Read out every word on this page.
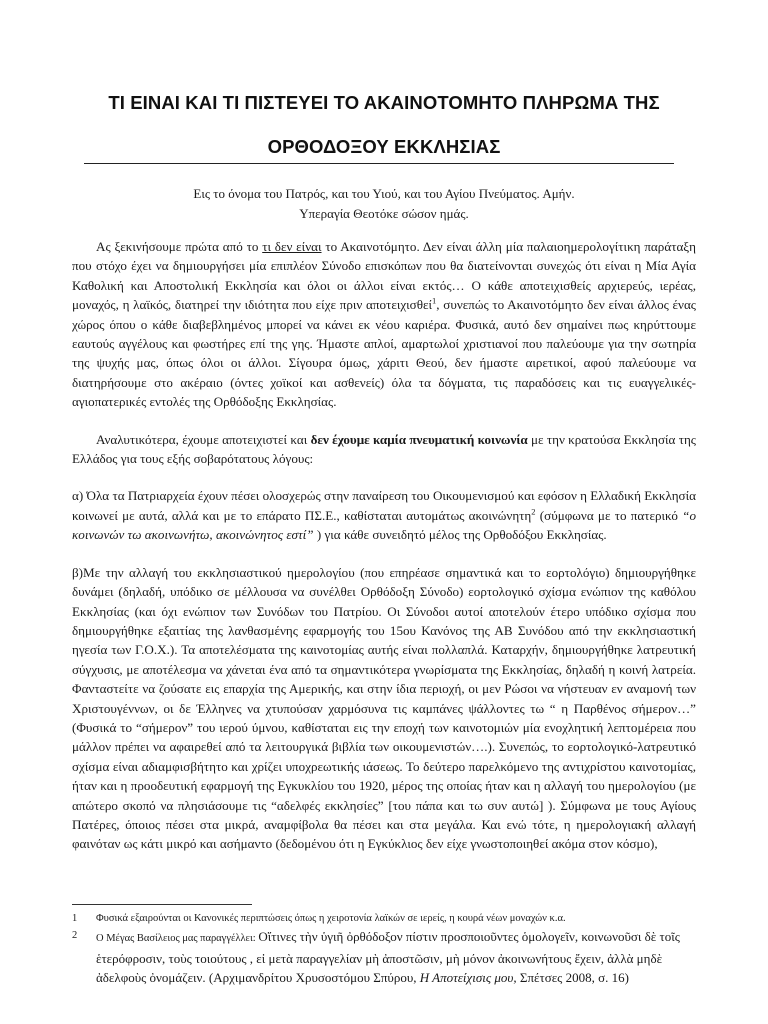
ΤΙ ΕΙΝΑΙ ΚΑΙ ΤΙ ΠΙΣΤΕΥΕΙ ΤΟ ΑΚΑΙΝΟΤΟΜΗΤΟ ΠΛΗΡΩΜΑ ΤΗΣ
ΟΡΘΟΔΟΞΟΥ ΕΚΚΛΗΣΙΑΣ
Εις το όνομα του Πατρός, και του Υιού, και του Αγίου Πνεύματος. Αμήν.
Υπεραγία Θεοτόκε σώσον ημάς.

Ας ξεκινήσουμε πρώτα από το τι δεν είναι το Ακαινοτόμητο. Δεν είναι άλλη μία παλαιοημερολογίτικη παράταξη που στόχο έχει να δημιουργήσει μία επιπλέον Σύνοδο επισκόπων που θα διατείνονται συνεχώς ότι είναι η Μία Αγία Καθολική και Αποστολική Εκκλησία και όλοι οι άλλοι είναι εκτός… Ο κάθε αποτειχισθείς αρχιερεύς, ιερέας, μοναχός, η λαϊκός, διατηρεί την ιδιότητα που είχε πριν αποτειχισθεί$^1$, συνεπώς το Ακαινοτόμητο δεν είναι άλλος ένας χώρος όπου ο κάθε διαβεβλημένος μπορεί να κάνει εκ νέου καριέρα. Φυσικά, αυτό δεν σημαίνει πως κηρύττουμε εαυτούς αγγέλους και φωστήρες επί της γης. Ήμαστε απλοί, αμαρτωλοί χριστιανοί που παλεύουμε για την σωτηρία της ψυχής μας, όπως όλοι οι άλλοι. Σίγουρα όμως, χάριτι Θεού, δεν ήμαστε αιρετικοί, αφού παλεύουμε να διατηρήσουμε στο ακέραιο (όντες χοϊκοί και ασθενείς) όλα τα δόγματα, τις παραδόσεις και τις ευαγγελικές- αγιοπατερικές εντολές της Ορθόδοξης Εκκλησίας.

Αναλυτικότερα, έχουμε αποτειχιστεί και δεν έχουμε καμία πνευματική κοινωνία με την κρατούσα Εκκλησία της Ελλάδος για τους εξής σοβαρότατους λόγους:

α) Όλα τα Πατριαρχεία έχουν πέσει ολοσχερώς στην παναίρεση του Οικουμενισμού και εφόσον η Ελλαδική Εκκλησία κοινωνεί με αυτά, αλλά και με το επάρατο ΠΣ.Ε., καθίσταται αυτομάτως ακοινώνητη$^2$ (σύμφωνα με το πατερικό “ο κοινωνών τω ακοινωνήτω, ακοινώνητος εστί” ) για κάθε συνειδητό μέλος της Ορθοδόξου Εκκλησίας.

β)Με την αλλαγή του εκκλησιαστικού ημερολογίου (που επηρέασε σημαντικά και το εορτολόγιο) δημιουργήθηκε δυνάμει (δηλαδή, υπόδικο σε μέλλουσα να συνέλθει Ορθόδοξη Σύνοδο) εορτολογικό σχίσμα ενώπιον της καθόλου Εκκλησίας (και όχι ενώπιον των Συνόδων του Πατρίου. Οι Σύνοδοι αυτοί αποτελούν έτερο υπόδικο σχίσμα που δημιουργήθηκε εξαιτίας της λανθασμένης εφαρμογής του 15ου Κανόνος της ΑΒ Συνόδου από την εκκλησιαστική ηγεσία των Γ.Ο.Χ.). Τα αποτελέσματα της καινοτομίας αυτής είναι πολλαπλά. Καταρχήν, δημιουργήθηκε λατρευτική σύγχυσις, με αποτέλεσμα να χάνεται ένα από τα σημαντικότερα γνωρίσματα της Εκκλησίας, δηλαδή η κοινή λατρεία. Φανταστείτε να ζούσατε εις επαρχία της Αμερικής, και στην ίδια περιοχή, οι μεν Ρώσοι να νήστευαν εν αναμονή των Χριστουγέννων, οι δε Έλληνες να χτυπούσαν χαρμόσυνα τις καμπάνες ψάλλοντες τω “ η Παρθένος σήμερον…” (Φυσικά το “σήμερον” του ιερού ύμνου, καθίσταται εις την εποχή των καινοτομιών μία ενοχλητική λεπτομέρεια που μάλλον πρέπει να αφαιρεθεί από τα λειτουργικά βιβλία των οικουμενιστών….). Συνεπώς, το εορτολογικό-λατρευτικό σχίσμα είναι αδιαμφισβήτητο και χρίζει υποχρεωτικής ιάσεως. Το δεύτερο παρελκόμενο της αντιχρίστου καινοτομίας, ήταν και η προοδευτική εφαρμογή της Εγκυκλίου του 1920, μέρος της οποίας ήταν και η αλλαγή του ημερολογίου (με απώτερο σκοπό να πλησιάσουμε τις “αδελφές εκκλησίες” [του πάπα και τω συν αυτώ] ). Σύμφωνα με τους Αγίους Πατέρες, όποιος πέσει στα μικρά, αναμφίβολα θα πέσει και στα μεγάλα. Και ενώ τότε, η ημερολογιακή αλλαγή φαινόταν ως κάτι μικρό και ασήμαντο (δεδομένου ότι η Εγκύκλιος δεν είχε γνωστοποιηθεί ακόμα στον κόσμο),

1	Φυσικά εξαιρούνται οι Κανονικές περιπτώσεις όπως η χειροτονία λαϊκών σε ιερείς, η κουρά νέων μοναχών κ.α.
2	Ο Μέγας Βασίλειος μας παραγγέλλει: Οἵτινες τὴν ὑγιῆ ὀρθόδοξον πίστιν προσποιοῦντες ὁμολογεῖν, κοινωνοῦσι δὲ τοῖς ἑτερόφροσιν, τοὺς τοιούτους , εἰ μετὰ παραγγελίαν μὴ ἀποστῶσιν, μὴ μόνον ἀκοινωνήτους ἔχειν, ἀλλὰ μηδὲ ἀδελφοὺς ὀνομάζειν. (Αρχιμανδρίτου Χρυσοστόμου Σπύρου, Η Αποτείχισις μου, Σπέτσες 2008, σ. 16)
